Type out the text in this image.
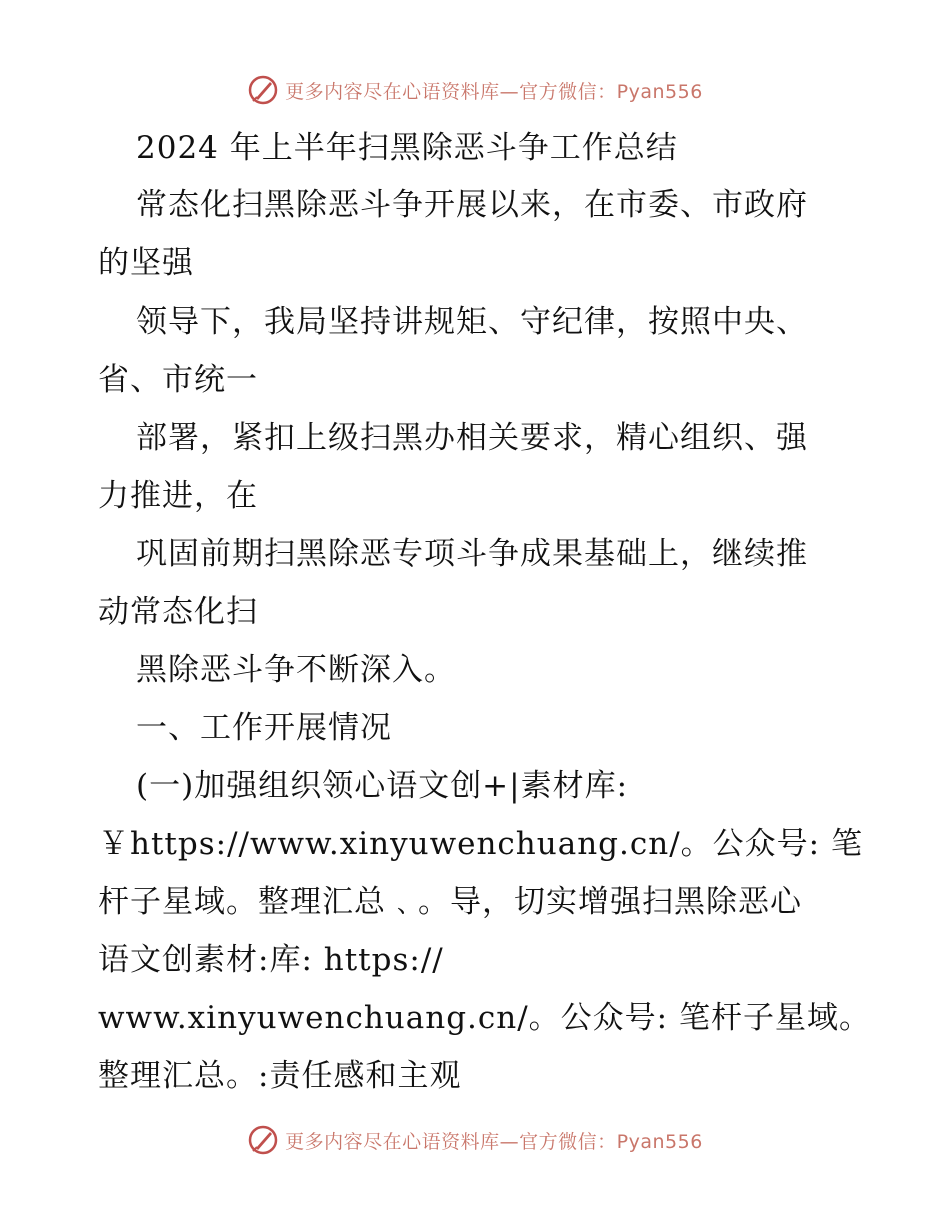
更多内容尽在心语资料库—官方微信：Pyan556
2024 年上半年扫黑除恶斗争工作总结
常态化扫黑除恶斗争开展以来，在市委、市政府
的坚强
领导下，我局坚持讲规矩、守纪律，按照中央、
省、市统一
部署，紧扣上级扫黑办相关要求，精心组织、强
力推进，在
巩固前期扫黑除恶专项斗争成果基础上，继续推
动常态化扫
黑除恶斗争不断深入。
一、工作开展情况
(一)加强组织领心语文创+|素材库:
￥https://www.xinyuwenchuang.cn/。公众号: 笔
杆子星域。整理汇总﹑。导，切实增强扫黑除恶心
语文创素材:库: https://
www.xinyuwenchuang.cn/。公众号: 笔杆子星域。
整理汇总。:责任感和主观
更多内容尽在心语资料库—官方微信：Pyan556
